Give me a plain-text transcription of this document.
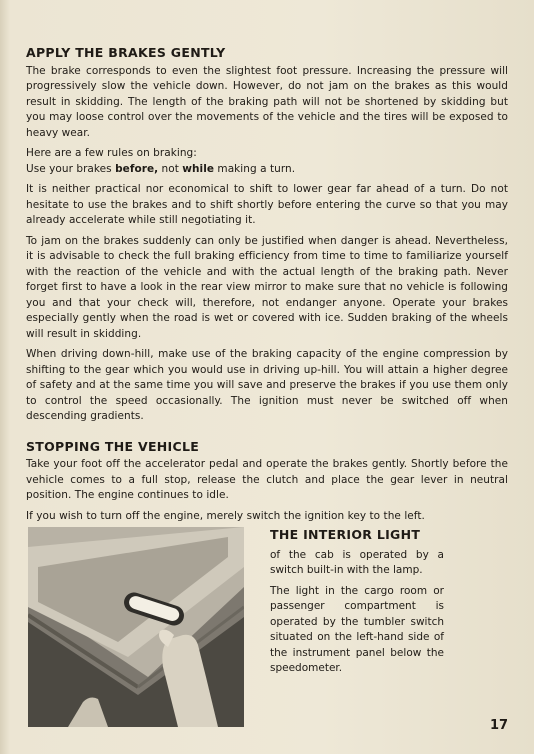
APPLY THE BRAKES GENTLY

The brake corresponds to even the slightest foot pressure. Increasing the pressure will progressively slow the vehicle down. However, do not jam on the brakes as this would result in skidding. The length of the braking path will not be shortened by skidding but you may loose control over the movements of the vehicle and the tires will be exposed to heavy wear.

Here are a few rules on braking:

Use your brakes before, not while making a turn.

It is neither practical nor economical to shift to lower gear far ahead of a turn. Do not hesitate to use the brakes and to shift shortly before entering the curve so that you may already accelerate while still negotiating it.

To jam on the brakes suddenly can only be justified when danger is ahead. Nevertheless, it is advisable to check the full braking efficiency from time to time to familiarize yourself with the reaction of the vehicle and with the actual length of the braking path. Never forget first to have a look in the rear view mirror to make sure that no vehicle is following you and that your check will, therefore, not endanger anyone. Operate your brakes especially gently when the road is wet or covered with ice. Sudden braking of the wheels will result in skidding.

When driving down-hill, make use of the braking capacity of the engine compression by shifting to the gear which you would use in driving up-hill. You will attain a higher degree of safety and at the same time you will save and preserve the brakes if you use them only to control the speed occasionally. The ignition must never be switched off when descending gradients.

STOPPING THE VEHICLE

Take your foot off the accelerator pedal and operate the brakes gently. Shortly before the vehicle comes to a full stop, release the clutch and place the gear lever in neutral position. The engine continues to idle.

If you wish to turn off the engine, merely switch the ignition key to the left.

THE INTERIOR LIGHT

of the cab is operated by a switch built-in with the lamp.

The light in the cargo room or passenger compartment is operated by the tumbler switch situated on the left-hand side of the instrument panel below the speedometer.

17
